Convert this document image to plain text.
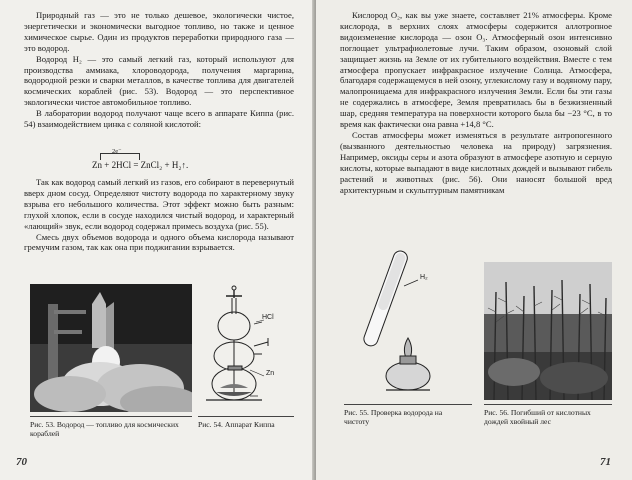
Природный газ — это не только дешевое, экологически чистое, энергетически и экономически выгодное топливо, но также и ценное химическое сырье. Один из продуктов переработки природного газа — это водород.

Водород H₂ — это самый легкий газ, который используют для производства аммиака, хлороводорода, получения маргарина, водородной резки и сварки металлов, в качестве топлива для двигателей космических кораблей (рис. 53). Водород — это перспективное экологически чистое автомобильное топливо.

В лаборатории водород получают чаще всего в аппарате Киппа (рис. 54) взаимодействием цинка с соляной кислотой:

2e⁻
Zn + 2HCl = ZnCl₂ + H₂↑.

Так как водород самый легкий из газов, его собирают в перевернутый вверх дном сосуд. Определяют чистоту водорода по характерному звуку взрыва его небольшого количества. Этот эффект можно быть разным: глухой хлопок, если в сосуде находился чистый водород, и характерный «лающий» звук, если водород содержал примесь воздуха (рис. 55).

Смесь двух объемов водорода и одного объема кислорода называют гремучим газом, так как она при поджигании взрывается.

Рис. 53. Водород — топливо для космических кораблей
HCl
Zn
Рис. 54. Аппарат Киппа
70

Кислород O₂, как вы уже знаете, составляет 21% атмосферы. Кроме кислорода, в верхних слоях атмосферы содержится аллотропное видоизменение кислорода — озон O₃. Атмосферный озон интенсивно поглощает ультрафиолетовые лучи. Таким образом, озоновый слой защищает жизнь на Земле от их губительного воздействия. Вместе с тем атмосфера пропускает инфракрасное излучение Солнца. Атмосфера, благодаря содержащемуся в ней озону, углекислому газу и водяному пару, малопроницаема для инфракрасного излучения Земли. Если бы эти газы не содержались в атмосфере, Земля превратилась бы в безжизненный шар, средняя температура на поверхности которого была бы −23 °C, в то время как фактически она равна +14,8 °C.

Состав атмосферы может изменяться в результате антропогенного (вызванного деятельностью человека на природу) загрязнения. Например, оксиды серы и азота образуют в атмосфере азотную и серную кислоты, которые выпадают в виде кислотных дождей и вызывают гибель растений и животных (рис. 56). Они наносят большой вред архитектурным и скульптурным памятникам

H₂
Рис. 55. Проверка водорода на чистоту
Рис. 56. Погибший от кислотных дождей хвойный лес
71
